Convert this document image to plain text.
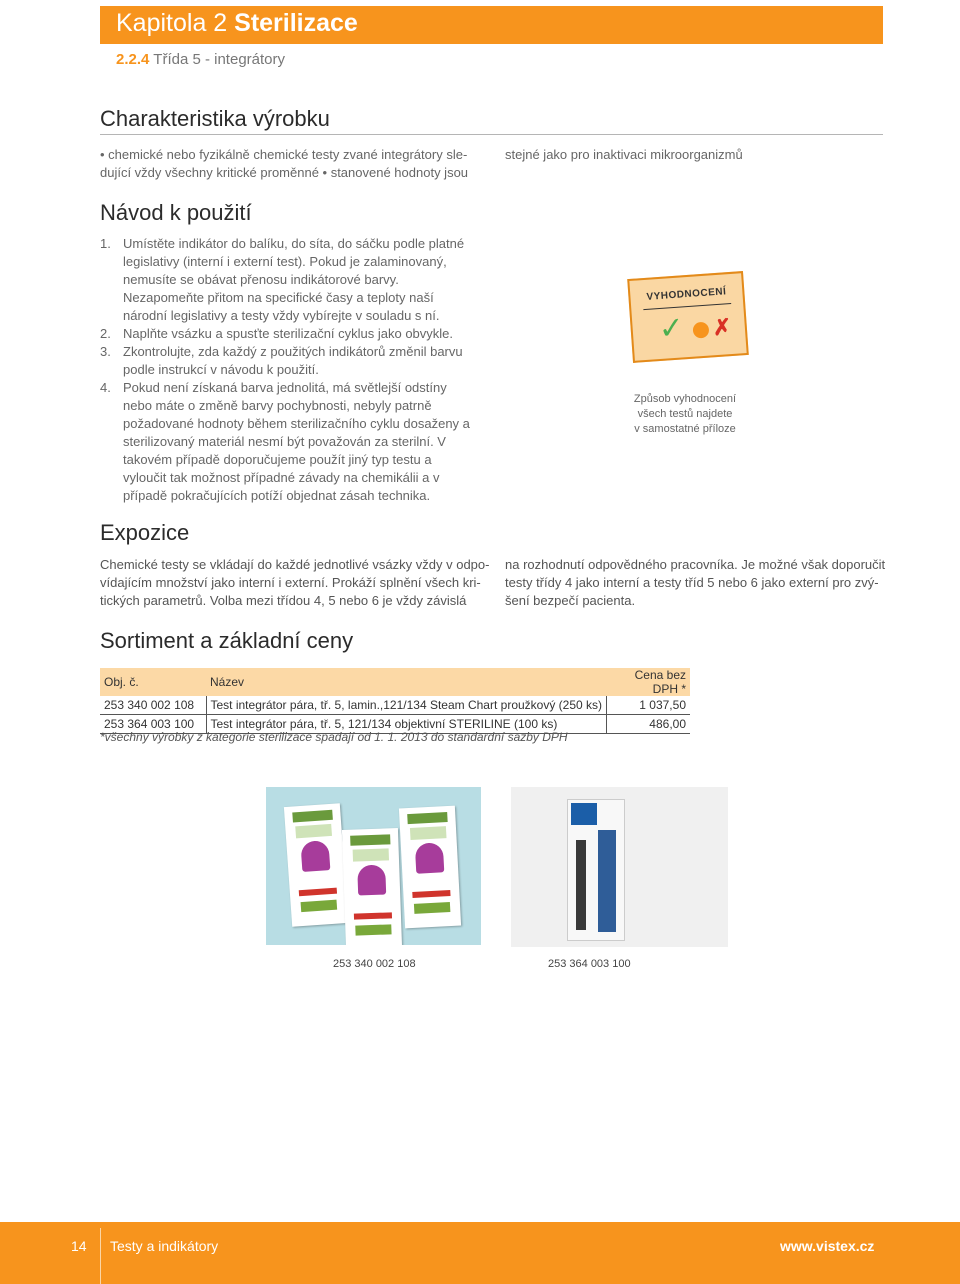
Kapitola 2 Sterilizace
2.2.4 Třída 5 - integrátory
Charakteristika výrobku
• chemické nebo fyzikálně chemické testy zvané integrátory sle-
dující vždy všechny kritické proměnné • stanovené hodnoty jsou
stejné jako pro inaktivaci mikroorganizmů
Návod k použití
1. Umístěte indikátor do balíku, do síta, do sáčku podle platné legislativy (interní i externí test). Pokud je zalaminovaný, nemusíte se obávat přenosu indikátorové barvy. Nezapomeňte přitom na specifické časy a teploty naší národní legislativy a testy vždy vybírejte v souladu s ní.
2. Naplňte vsázku a spusťte sterilizační cyklus jako obvykle.
3. Zkontrolujte, zda každý z použitých indikátorů změnil barvu podle instrukcí v návodu k použití.
4. Pokud není získaná barva jednolitá, má světlejší odstíny nebo máte o změně barvy pochybnosti, nebyly patrně požadované hodnoty během sterilizačního cyklu dosaženy a sterilizovaný materiál nesmí být považován za sterilní. V takovém případě doporučujeme použít jiný typ testu a vyloučit tak možnost případné závady na chemikálii a v případě pokračujících potíží objednat zásah technika.
VYHODNOCENÍ
✓ ✗
Způsob vyhodnocení
všech testů najdete
v samostatné příloze
Expozice
Chemické testy se vkládají do každé jednotlivé vsázky vždy v odpo-
vídajícím množství jako interní i externí. Prokáží splnění všech kri-
tických parametrů. Volba mezi třídou 4, 5 nebo 6 je vždy závislá
na rozhodnutí odpovědného pracovníka. Je možné však doporučit
testy třídy 4 jako interní a testy tříd 5 nebo 6 jako externí pro zvý-
šení bezpečí pacienta.
Sortiment a základní ceny
Obj. č.	Název	Cena bez DPH *
253 340 002 108	Test integrátor pára, tř. 5, lamin.,121/134 Steam Chart proužkový (250 ks)	1 037,50
253 364 003 100	Test integrátor pára, tř. 5, 121/134 objektivní STERILINE (100 ks)	486,00
*všechny výrobky z kategorie sterilizace spadají od 1. 1. 2013 do standardní sazby DPH
253 340 002 108	253 364 003 100
14 Testy a indikátory	www.vistex.cz
